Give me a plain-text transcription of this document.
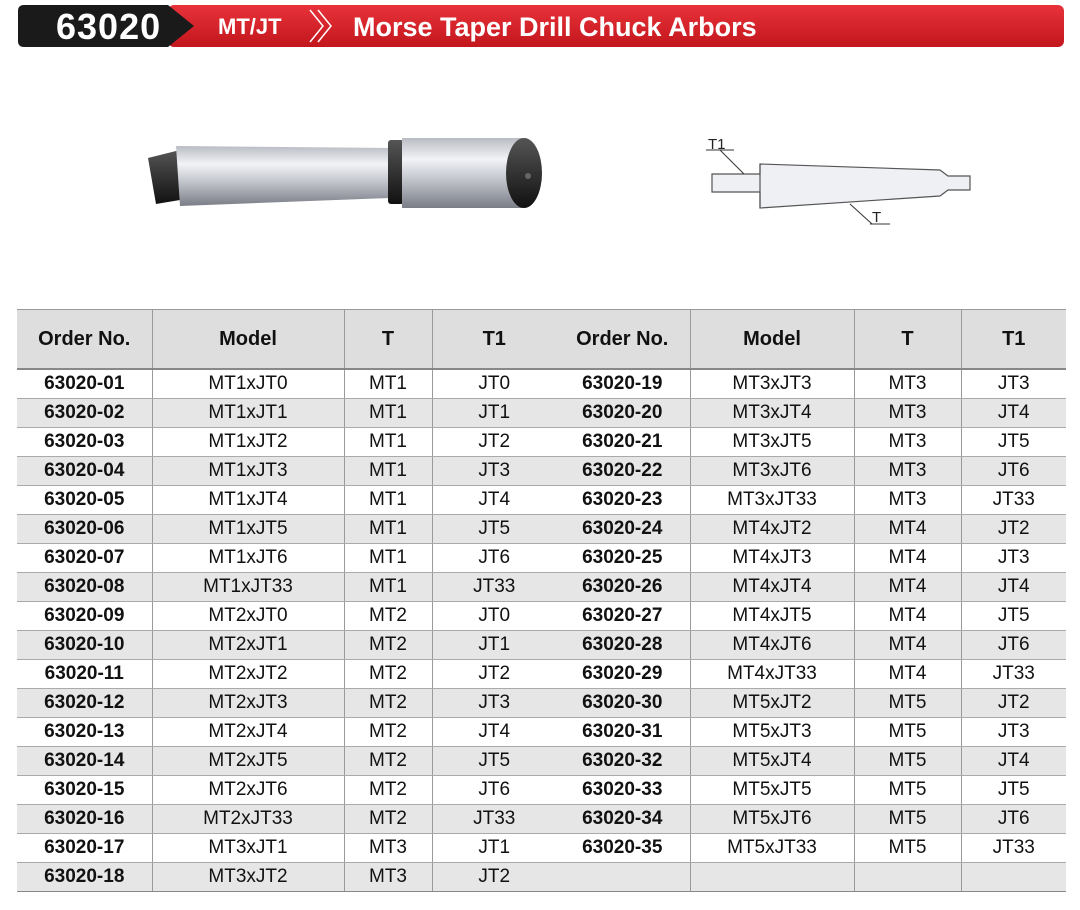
63020	MT/JT	Morse Taper Drill Chuck Arbors
T1
T
Order No.	Model	T	T1
63020-01	MT1xJT0	MT1	JT0
63020-02	MT1xJT1	MT1	JT1
63020-03	MT1xJT2	MT1	JT2
63020-04	MT1xJT3	MT1	JT3
63020-05	MT1xJT4	MT1	JT4
63020-06	MT1xJT5	MT1	JT5
63020-07	MT1xJT6	MT1	JT6
63020-08	MT1xJT33	MT1	JT33
63020-09	MT2xJT0	MT2	JT0
63020-10	MT2xJT1	MT2	JT1
63020-11	MT2xJT2	MT2	JT2
63020-12	MT2xJT3	MT2	JT3
63020-13	MT2xJT4	MT2	JT4
63020-14	MT2xJT5	MT2	JT5
63020-15	MT2xJT6	MT2	JT6
63020-16	MT2xJT33	MT2	JT33
63020-17	MT3xJT1	MT3	JT1
63020-18	MT3xJT2	MT3	JT2
Order No.	Model	T	T1
63020-19	MT3xJT3	MT3	JT3
63020-20	MT3xJT4	MT3	JT4
63020-21	MT3xJT5	MT3	JT5
63020-22	MT3xJT6	MT3	JT6
63020-23	MT3xJT33	MT3	JT33
63020-24	MT4xJT2	MT4	JT2
63020-25	MT4xJT3	MT4	JT3
63020-26	MT4xJT4	MT4	JT4
63020-27	MT4xJT5	MT4	JT5
63020-28	MT4xJT6	MT4	JT6
63020-29	MT4xJT33	MT4	JT33
63020-30	MT5xJT2	MT5	JT2
63020-31	MT5xJT3	MT5	JT3
63020-32	MT5xJT4	MT5	JT4
63020-33	MT5xJT5	MT5	JT5
63020-34	MT5xJT6	MT5	JT6
63020-35	MT5xJT33	MT5	JT33
